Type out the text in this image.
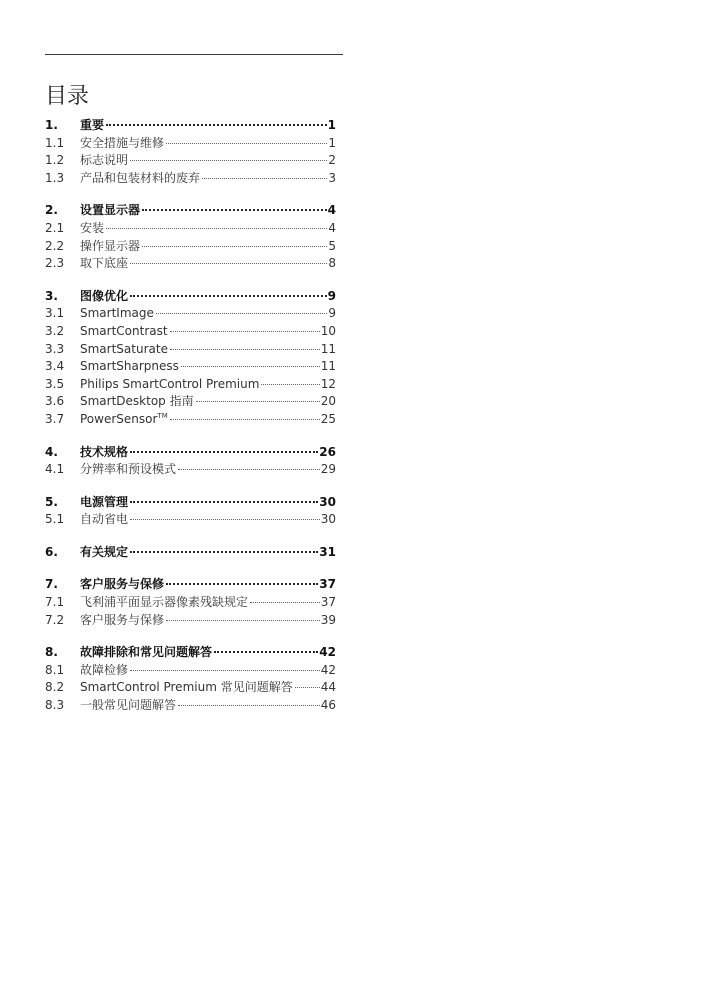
目录
1.	重要	1
1.1	安全措施与维修	1
1.2	标志说明	2
1.3	产品和包装材料的废弃	3
2.	设置显示器	4
2.1	安装	4
2.2	操作显示器	5
2.3	取下底座	8
3.	图像优化	9
3.1	SmartImage	9
3.2	SmartContrast	10
3.3	SmartSaturate	11
3.4	SmartSharpness	11
3.5	Philips SmartControl Premium	12
3.6	SmartDesktop 指南	20
3.7	PowerSensor™	25
4.	技术规格	26
4.1	分辨率和预设模式	29
5.	电源管理	30
5.1	自动省电	30
6.	有关规定	31
7.	客户服务与保修	37
7.1	飞利浦平面显示器像素残缺规定	37
7.2	客户服务与保修	39
8.	故障排除和常见问题解答	42
8.1	故障检修	42
8.2	SmartControl Premium 常见问题解答 44
8.3	一般常见问题解答	46
